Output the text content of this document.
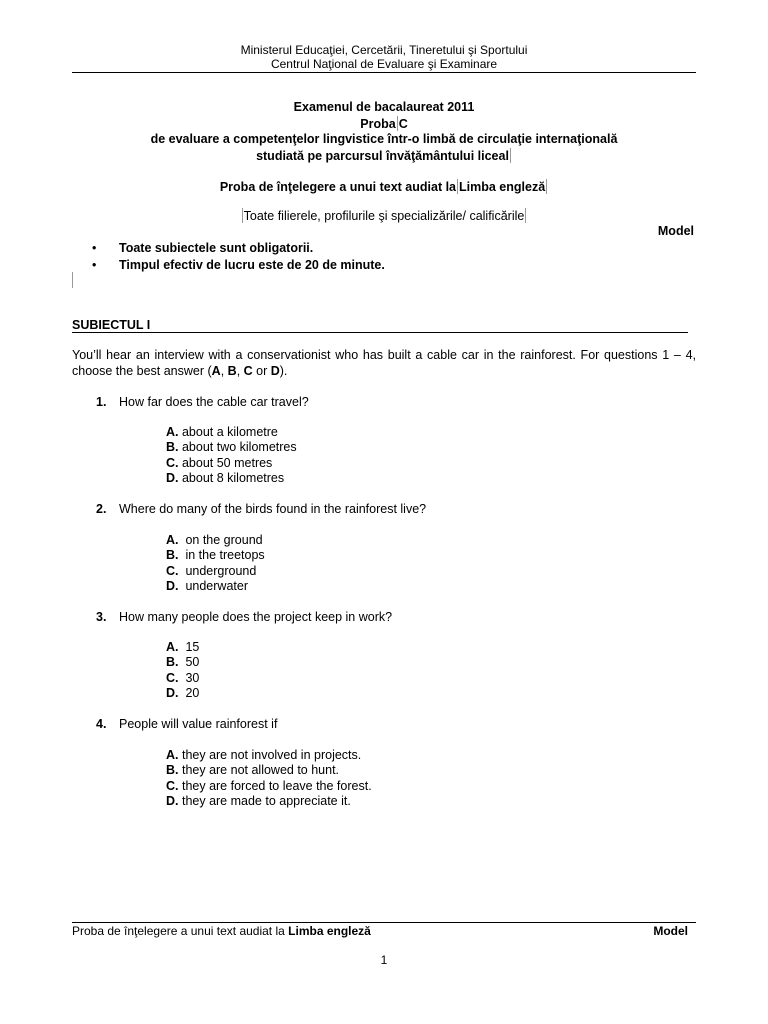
Ministerul Educaţiei, Cercetării, Tineretului şi Sportului
Centrul Naţional de Evaluare şi Examinare
Examenul de bacalaureat 2011
Proba C
de evaluare a competenţelor lingvistice într-o limbă de circulaţie internaţională
studiată pe parcursul învăţământului liceal
Proba de înţelegere a unui text audiat la Limba engleză
Toate filierele, profilurile şi specializările/ calificările
Model
• Toate subiectele sunt obligatorii.
• Timpul efectiv de lucru este de 20 de minute.
SUBIECTUL I
You’ll hear an interview with a conservationist who has built a cable car in the rainforest. For questions 1 – 4, choose the best answer (A, B, C or D).
1. How far does the cable car travel?
A. about a kilometre
B. about two kilometres
C. about 50 metres
D. about 8 kilometres
2. Where do many of the birds found in the rainforest live?
A.  on the ground
B.  in the treetops
C.  underground
D.  underwater
3. How many people does the project keep in work?
A.  15
B.  50
C.  30
D.  20
4. People will value rainforest if
A. they are not involved in projects.
B. they are not allowed to hunt.
C. they are forced to leave the forest.
D. they are made to appreciate it.
Proba de înţelegere a unui text audiat la Limba engleză	Model
1
